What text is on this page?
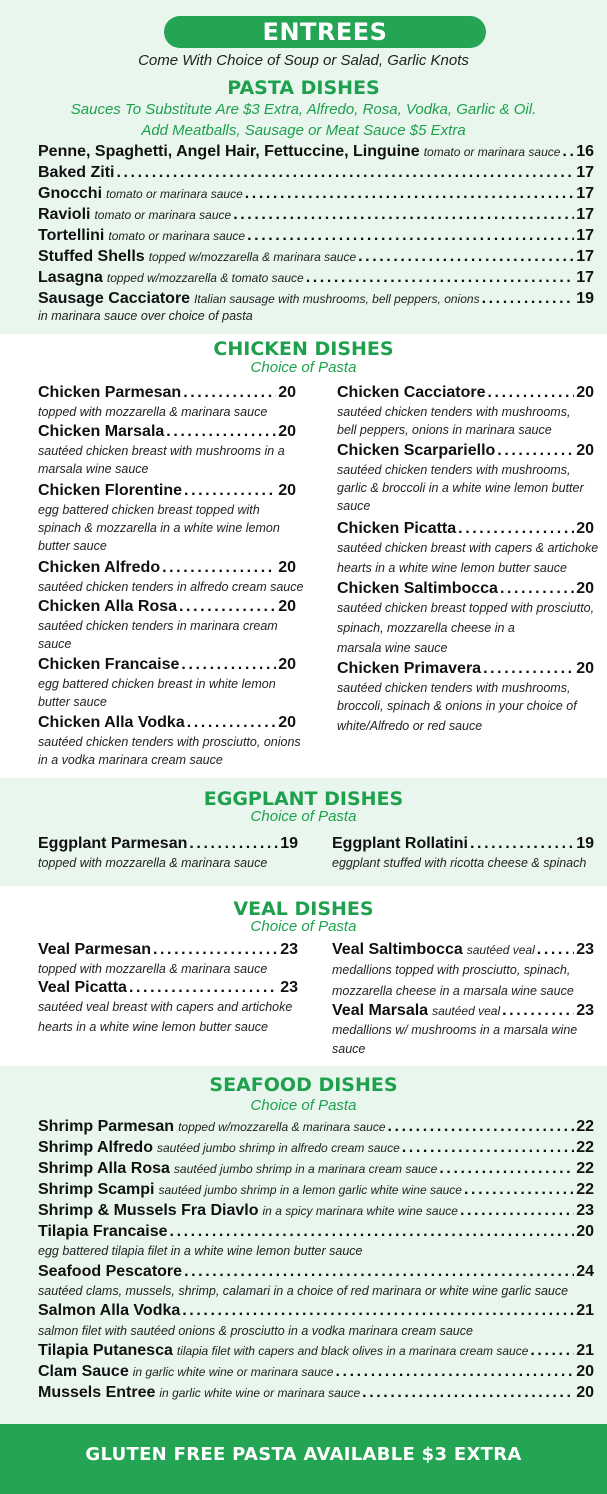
ENTREES
Come With Choice of Soup or Salad, Garlic Knots
PASTA DISHES
Sauces To Substitute Are $3 Extra, Alfredo, Rosa, Vodka, Garlic & Oil.
Add Meatballs, Sausage or Meat Sauce $5 Extra
Penne, Spaghetti, Angel Hair, Fettuccine, Linguine tomato or marinara sauce ..... 16
Baked Ziti .....	17
Gnocchi tomato or marinara sauce .....	17
Ravioli tomato or marinara sauce .....	17
Tortellini tomato or marinara sauce .....	17
Stuffed Shells topped w/mozzarella & marinara sauce .....	17
Lasagna topped w/mozzarella & tomato sauce .....	17
Sausage Cacciatore Italian sausage with mushrooms, bell peppers, onions .....	19
in marinara sauce over choice of pasta
CHICKEN DISHES
Choice of Pasta
Chicken Parmesan .....	20
topped with mozzarella & marinara sauce
Chicken Marsala .....	20
sautéed chicken breast with mushrooms in a
marsala wine sauce
Chicken Florentine .....	20
egg battered chicken breast topped with
spinach & mozzarella in a white wine lemon
butter sauce
Chicken Alfredo .....	20
sautéed chicken tenders in alfredo cream sauce
Chicken Alla Rosa .....	20
sautéed chicken tenders in marinara cream
sauce
Chicken Francaise .....	20
egg battered chicken breast in white lemon
butter sauce
Chicken Alla Vodka .....	20
sautéed chicken tenders with prosciutto, onions
in a vodka marinara cream sauce
Chicken Cacciatore .....	20
sautéed chicken tenders with mushrooms,
bell peppers, onions in marinara sauce
Chicken Scarpariello .....	20
sautéed chicken tenders with mushrooms,
garlic & broccoli in a white wine lemon butter
sauce
Chicken Picatta .....	20
sautéed chicken breast with capers & artichoke
hearts in a white wine lemon butter sauce
Chicken Saltimbocca .....	20
sautéed chicken breast topped with prosciutto,
spinach, mozzarella cheese in a
marsala wine sauce
Chicken Primavera .....	20
sautéed chicken tenders with mushrooms,
broccoli, spinach & onions in your choice of
white/Alfredo or red sauce
EGGPLANT DISHES
Choice of Pasta
Eggplant Parmesan .....	19
topped with mozzarella & marinara sauce
Eggplant Rollatini .....	19
eggplant stuffed with ricotta cheese & spinach
VEAL DISHES
Choice of Pasta
Veal Parmesan .....	23
topped with mozzarella & marinara sauce
Veal Picatta .....	23
sautéed veal breast with capers and artichoke
hearts in a white wine lemon butter sauce
Veal Saltimbocca sautéed veal .....	23
medallions topped with prosciutto, spinach,
mozzarella cheese in a marsala wine sauce
Veal Marsala sautéed veal .....	23
medallions w/ mushrooms in a marsala wine
sauce
SEAFOOD DISHES
Choice of Pasta
Shrimp Parmesan topped w/mozzarella & marinara sauce .....	22
Shrimp Alfredo sautéed jumbo shrimp in alfredo cream sauce .....	22
Shrimp Alla Rosa sautéed jumbo shrimp in a marinara cream sauce .....	22
Shrimp Scampi sautéed jumbo shrimp in a lemon garlic white wine sauce .....	22
Shrimp & Mussels Fra Diavlo in a spicy marinara white wine sauce .....	23
Tilapia Francaise .....	20
egg battered tilapia filet in a white wine lemon butter sauce
Seafood Pescatore .....	24
sautéed clams, mussels, shrimp, calamari in a choice of red marinara or white wine garlic sauce
Salmon Alla Vodka .....	21
salmon filet with sautéed onions & prosciutto in a vodka marinara cream sauce
Tilapia Putanesca tilapia filet with capers and black olives in a marinara cream sauce .....	21
Clam Sauce in garlic white wine or marinara sauce .....	20
Mussels Entree in garlic white wine or marinara sauce .....	20
GLUTEN FREE PASTA AVAILABLE $3 EXTRA
